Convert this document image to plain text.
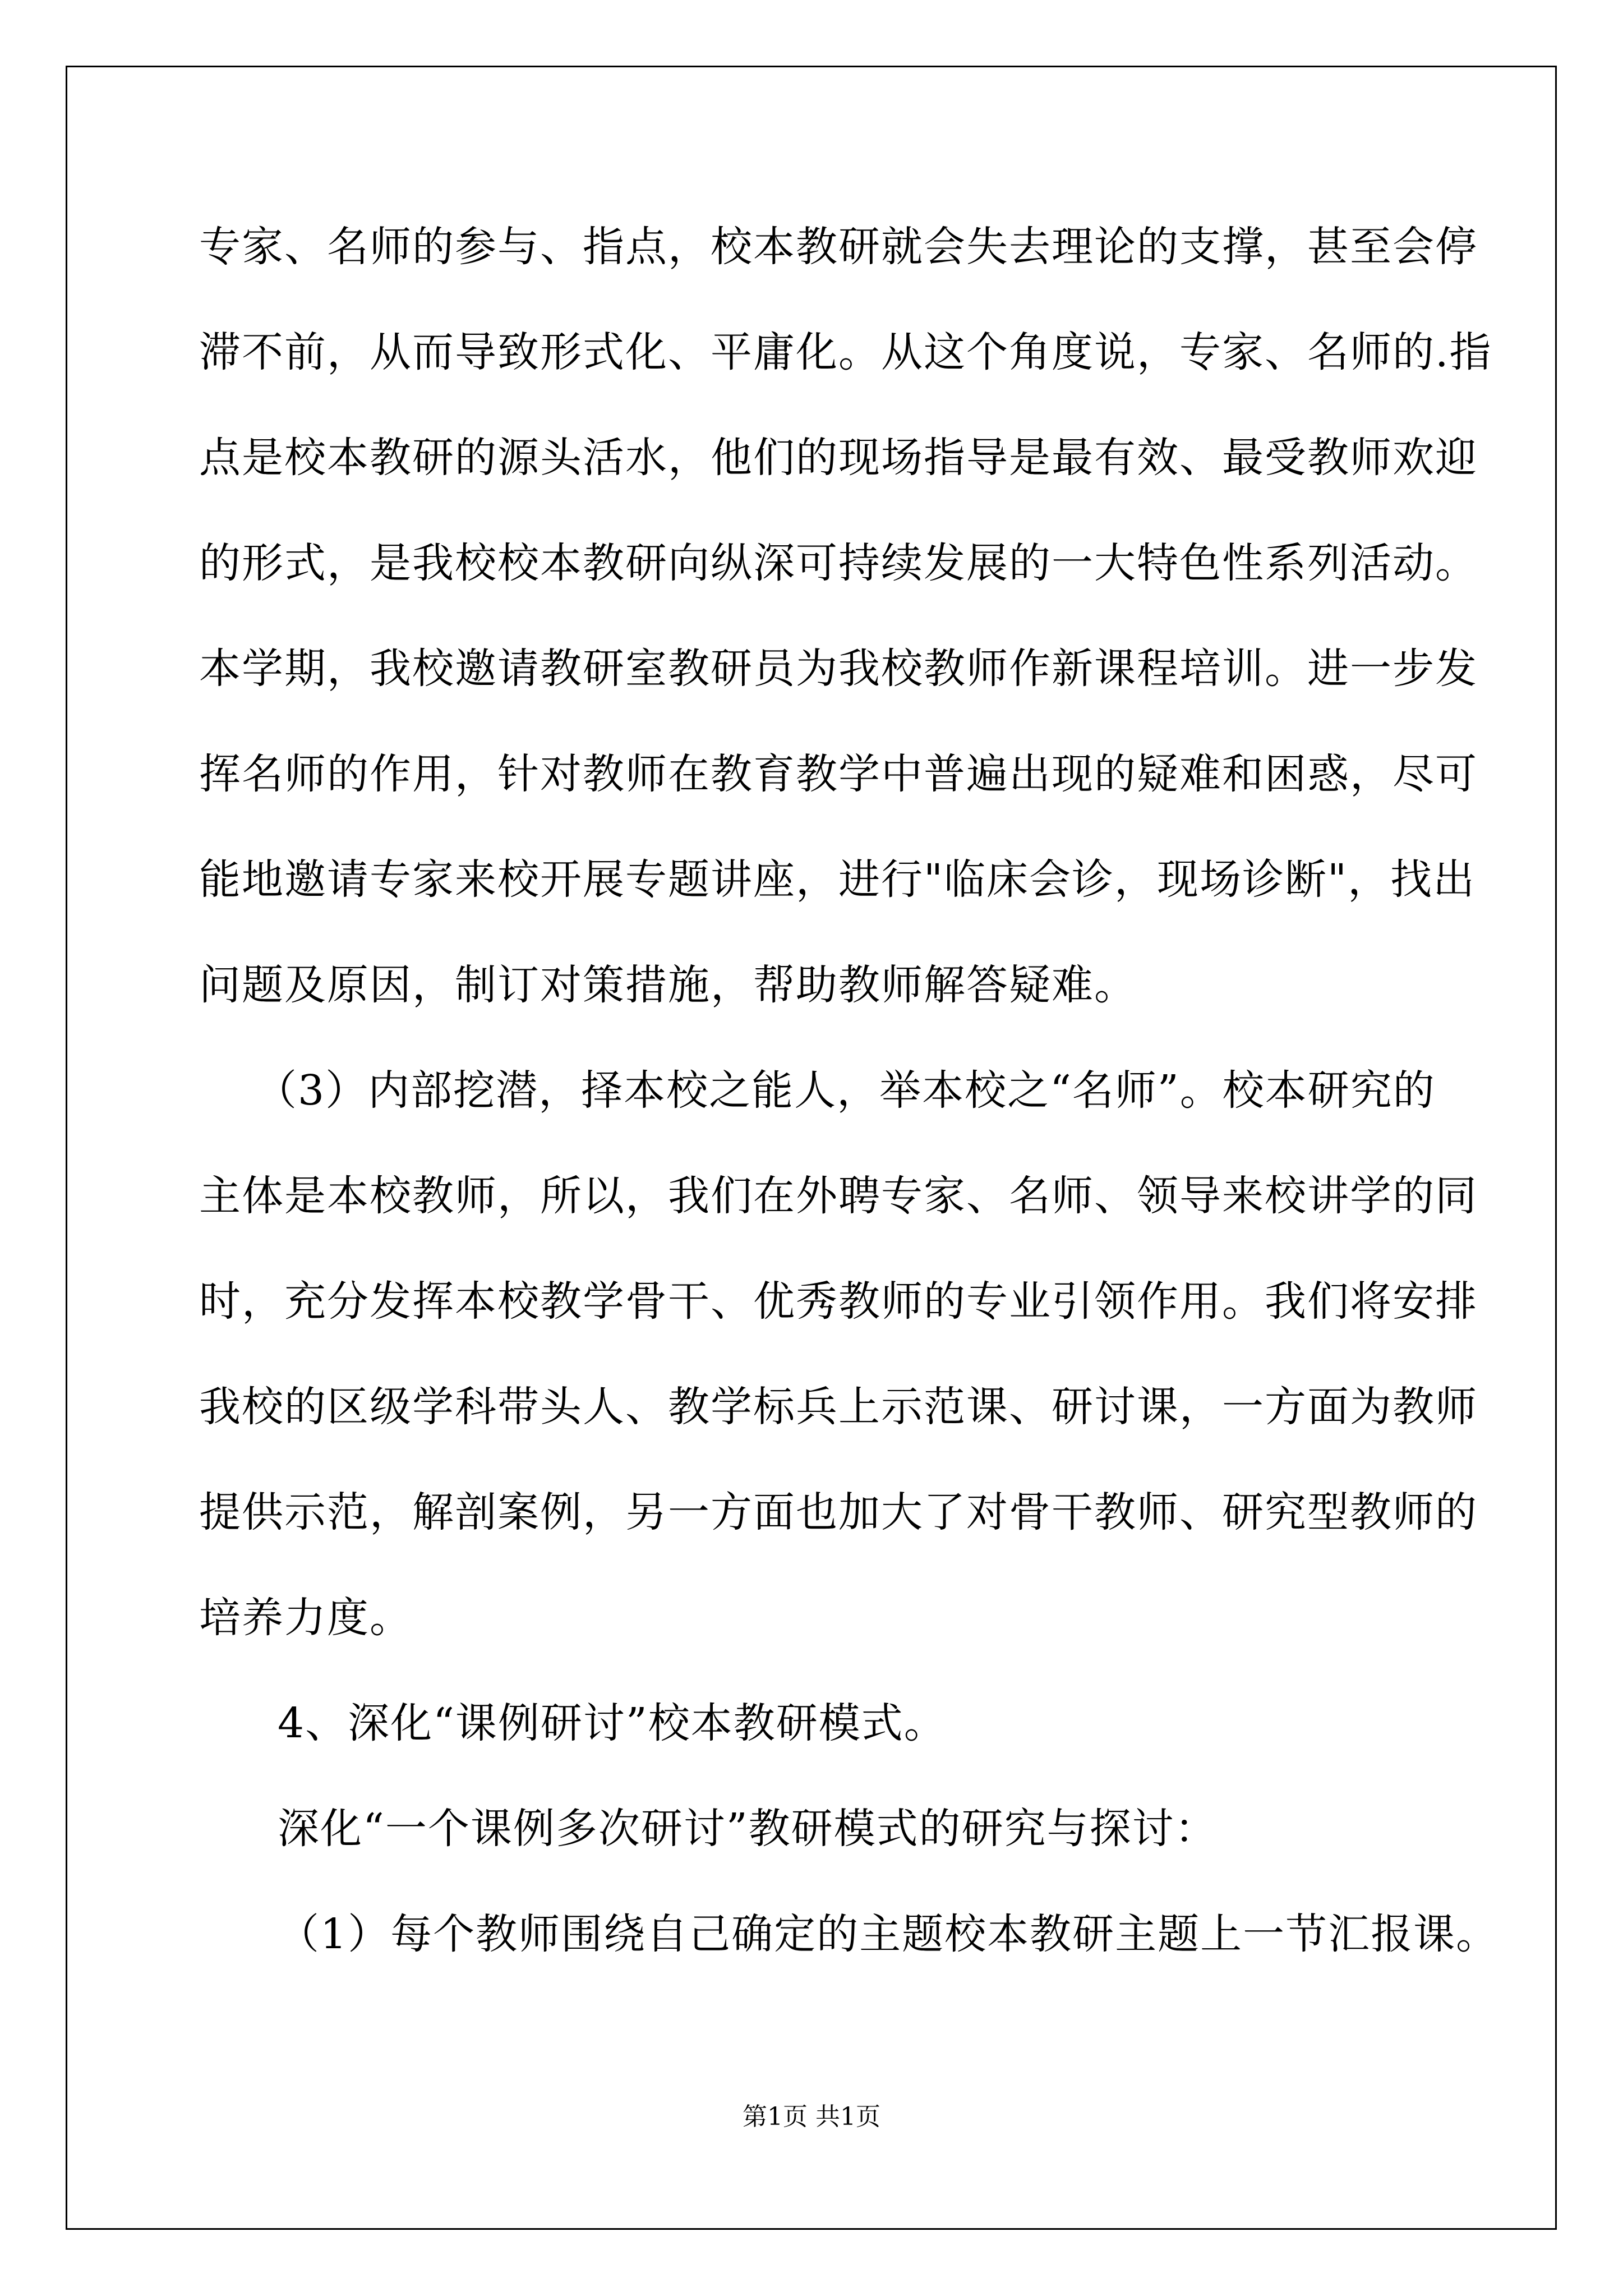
专家、名师的参与、指点，校本教研就会失去理论的支撑，甚至会停
滞不前，从而导致形式化、平庸化。从这个角度说，专家、名师的.指
点是校本教研的源头活水，他们的现场指导是最有效、最受教师欢迎
的形式，是我校校本教研向纵深可持续发展的一大特色性系列活动。
本学期，我校邀请教研室教研员为我校教师作新课程培训。进一步发
挥名师的作用，针对教师在教育教学中普遍出现的疑难和困惑，尽可
能地邀请专家来校开展专题讲座，进行"临床会诊，现场诊断"，找出
问题及原因，制订对策措施，帮助教师解答疑难。
（3）内部挖潜，择本校之能人，举本校之“名师”。校本研究的
主体是本校教师，所以，我们在外聘专家、名师、领导来校讲学的同
时，充分发挥本校教学骨干、优秀教师的专业引领作用。我们将安排
我校的区级学科带头人、教学标兵上示范课、研讨课，一方面为教师
提供示范，解剖案例，另一方面也加大了对骨干教师、研究型教师的
培养力度。
4、深化“课例研讨”校本教研模式。
深化“一个课例多次研讨”教研模式的研究与探讨：
（1）每个教师围绕自己确定的主题校本教研主题上一节汇报课。
第1页 共1页
